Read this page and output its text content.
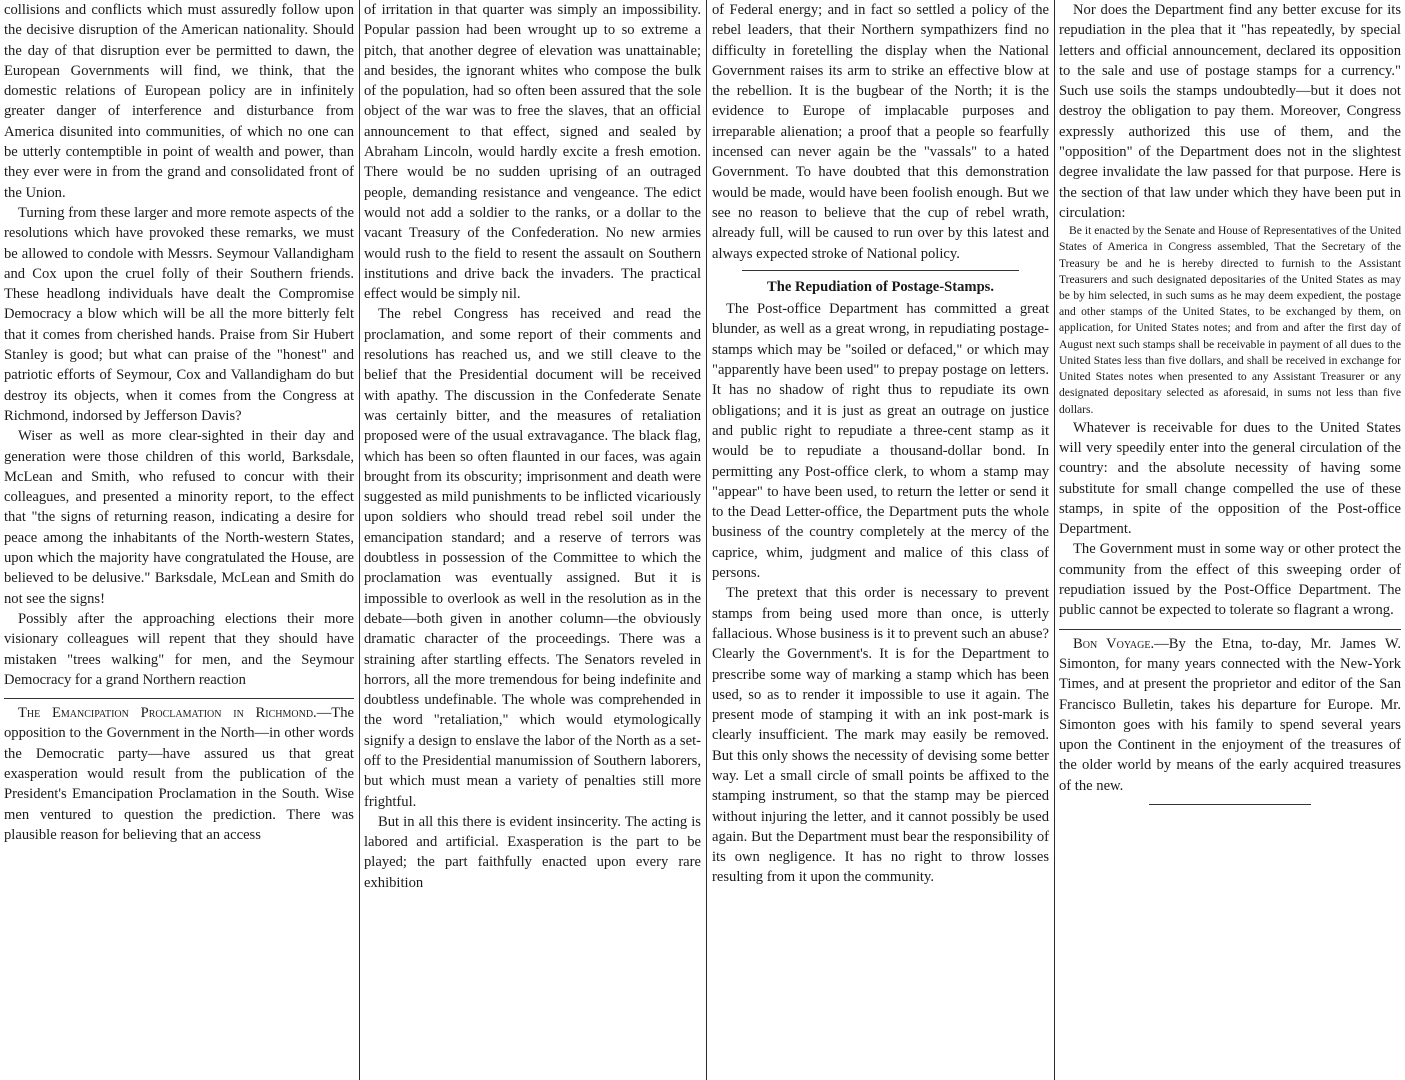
collisions and conflicts which must assuredly follow upon the decisive disruption of the American nationality. Should the day of that disruption ever be permitted to dawn, the European Governments will find, we think, that the domestic relations of European policy are in infinitely greater danger of interference and disturbance from America disunited into communities, of which no one can be utterly contemptible in point of wealth and power, than they ever were in from the grand and consolidated front of the Union.

Turning from these larger and more remote aspects of the resolutions which have provoked these remarks, we must be allowed to condole with Messrs. Seymour Vallandigham and Cox upon the cruel folly of their Southern friends. These headlong individuals have dealt the Compromise Democracy a blow which will be all the more bitterly felt that it comes from cherished hands. Praise from Sir Hubert Stanley is good; but what can praise of the "honest" and patriotic efforts of Seymour, Cox and Vallandigham do but destroy its objects, when it comes from the Congress at Richmond, indorsed by Jefferson Davis?

Wiser as well as more clear-sighted in their day and generation were those children of this world, Barksdale, McLean and Smith, who refused to concur with their colleagues, and presented a minority report, to the effect that "the signs of returning reason, indicating a desire for peace among the inhabitants of the North-western States, upon which the majority have congratulated the House, are believed to be delusive." Barksdale, McLean and Smith do not see the signs!

Possibly after the approaching elections their more visionary colleagues will repent that they should have mistaken "trees walking" for men, and the Seymour Democracy for a grand Northern reaction

The Emancipation Proclamation in Richmond.—The opposition to the Government in the North—in other words the Democratic party—have assured us that great exasperation would result from the publication of the President's Emancipation Proclamation in the South. Wise men ventured to question the prediction. There was plausible reason for believing that an access

of irritation in that quarter was simply an impossibility. Popular passion had been wrought up to so extreme a pitch, that another degree of elevation was unattainable; and besides, the ignorant whites who compose the bulk of the population, had so often been assured that the sole object of the war was to free the slaves, that an official announcement to that effect, signed and sealed by Abraham Lincoln, would hardly excite a fresh emotion. There would be no sudden uprising of an outraged people, demanding resistance and vengeance. The edict would not add a soldier to the ranks, or a dollar to the vacant Treasury of the Confederation. No new armies would rush to the field to resent the assault on Southern institutions and drive back the invaders. The practical effect would be simply nil.

The rebel Congress has received and read the proclamation, and some report of their comments and resolutions has reached us, and we still cleave to the belief that the Presidential document will be received with apathy. The discussion in the Confederate Senate was certainly bitter, and the measures of retaliation proposed were of the usual extravagance. The black flag, which has been so often flaunted in our faces, was again brought from its obscurity; imprisonment and death were suggested as mild punishments to be inflicted vicariously upon soldiers who should tread rebel soil under the emancipation standard; and a reserve of terrors was doubtless in possession of the Committee to which the proclamation was eventually assigned. But it is impossible to overlook as well in the resolution as in the debate—both given in another column—the obviously dramatic character of the proceedings. There was a straining after startling effects. The Senators reveled in horrors, all the more tremendous for being indefinite and doubtless undefinable. The whole was comprehended in the word "retaliation," which would etymologically signify a design to enslave the labor of the North as a set-off to the Presidential manumission of Southern laborers, but which must mean a variety of penalties still more frightful.

But in all this there is evident insincerity. The acting is labored and artificial. Exasperation is the part to be played; the part faithfully enacted upon every rare exhibition

of Federal energy; and in fact so settled a policy of the rebel leaders, that their Northern sympathizers find no difficulty in foretelling the display when the National Government raises its arm to strike an effective blow at the rebellion. It is the bugbear of the North; it is the evidence to Europe of implacable purposes and irreparable alienation; a proof that a people so fearfully incensed can never again be the "vassals" to a hated Government. To have doubted that this demonstration would be made, would have been foolish enough. But we see no reason to believe that the cup of rebel wrath, already full, will be caused to run over by this latest and always expected stroke of National policy.

The Repudiation of Postage-Stamps.

The Post-office Department has committed a great blunder, as well as a great wrong, in repudiating postage-stamps which may be "soiled or defaced," or which may "apparently have been used" to prepay postage on letters. It has no shadow of right thus to repudiate its own obligations; and it is just as great an outrage on justice and public right to repudiate a three-cent stamp as it would be to repudiate a thousand-dollar bond. In permitting any Post-office clerk, to whom a stamp may "appear" to have been used, to return the letter or send it to the Dead Letter-office, the Department puts the whole business of the country completely at the mercy of the caprice, whim, judgment and malice of this class of persons.

The pretext that this order is necessary to prevent stamps from being used more than once, is utterly fallacious. Whose business is it to prevent such an abuse? Clearly the Government's. It is for the Department to prescribe some way of marking a stamp which has been used, so as to render it impossible to use it again. The present mode of stamping it with an ink post-mark is clearly insufficient. The mark may easily be removed. But this only shows the necessity of devising some better way. Let a small circle of small points be affixed to the stamping instrument, so that the stamp may be pierced without injuring the letter, and it cannot possibly be used again. But the Department must bear the responsibility of its own negligence. It has no right to throw losses resulting from it upon the community.

Nor does the Department find any better excuse for its repudiation in the plea that it "has repeatedly, by special letters and official announcement, declared its opposition to the sale and use of postage stamps for a currency." Such use soils the stamps undoubtedly—but it does not destroy the obligation to pay them. Moreover, Congress expressly authorized this use of them, and the "opposition" of the Department does not in the slightest degree invalidate the law passed for that purpose. Here is the section of that law under which they have been put in circulation:

Be it enacted by the Senate and House of Representatives of the United States of America in Congress assembled, That the Secretary of the Treasury be and he is hereby directed to furnish to the Assistant Treasurers and such designated depositaries of the United States as may be by him selected, in such sums as he may deem expedient, the postage and other stamps of the United States, to be exchanged by them, on application, for United States notes; and from and after the first day of August next such stamps shall be receivable in payment of all dues to the United States less than five dollars, and shall be received in exchange for United States notes when presented to any Assistant Treasurer or any designated depositary selected as aforesaid, in sums not less than five dollars.

Whatever is receivable for dues to the United States will very speedily enter into the general circulation of the country: and the absolute necessity of having some substitute for small change compelled the use of these stamps, in spite of the opposition of the Post-office Department.

The Government must in some way or other protect the community from the effect of this sweeping order of repudiation issued by the Post-Office Department. The public cannot be expected to tolerate so flagrant a wrong.

Bon Voyage.—By the Etna, to-day, Mr. James W. Simonton, for many years connected with the New-York Times, and at present the proprietor and editor of the San Francisco Bulletin, takes his departure for Europe. Mr. Simonton goes with his family to spend several years upon the Continent in the enjoyment of the treasures of the older world by means of the early acquired treasures of the new.
